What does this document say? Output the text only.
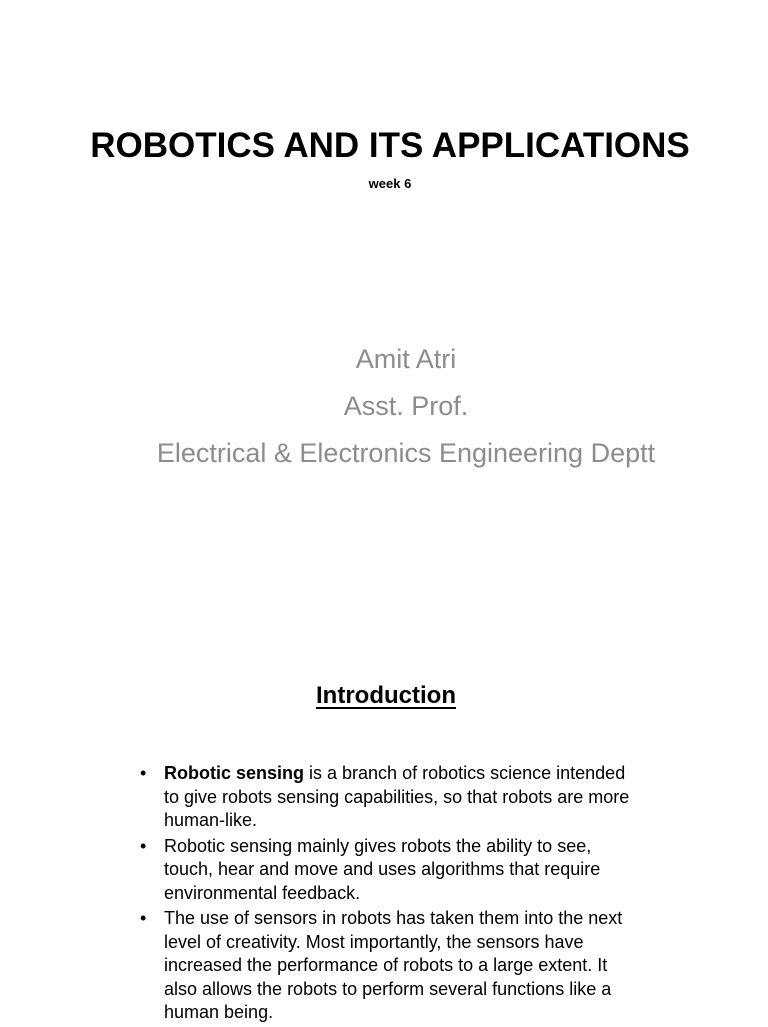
ROBOTICS AND ITS APPLICATIONS
week 6
Amit Atri
Asst. Prof.
Electrical & Electronics Engineering Deptt
Introduction
• Robotic sensing is a branch of robotics science intended to give robots sensing capabilities, so that robots are more human-like.
• Robotic sensing mainly gives robots the ability to see, touch, hear and move and uses algorithms that require environmental feedback.
• The use of sensors in robots has taken them into the next level of creativity. Most importantly, the sensors have increased the performance of robots to a large extent. It also allows the robots to perform several functions like a human being.
